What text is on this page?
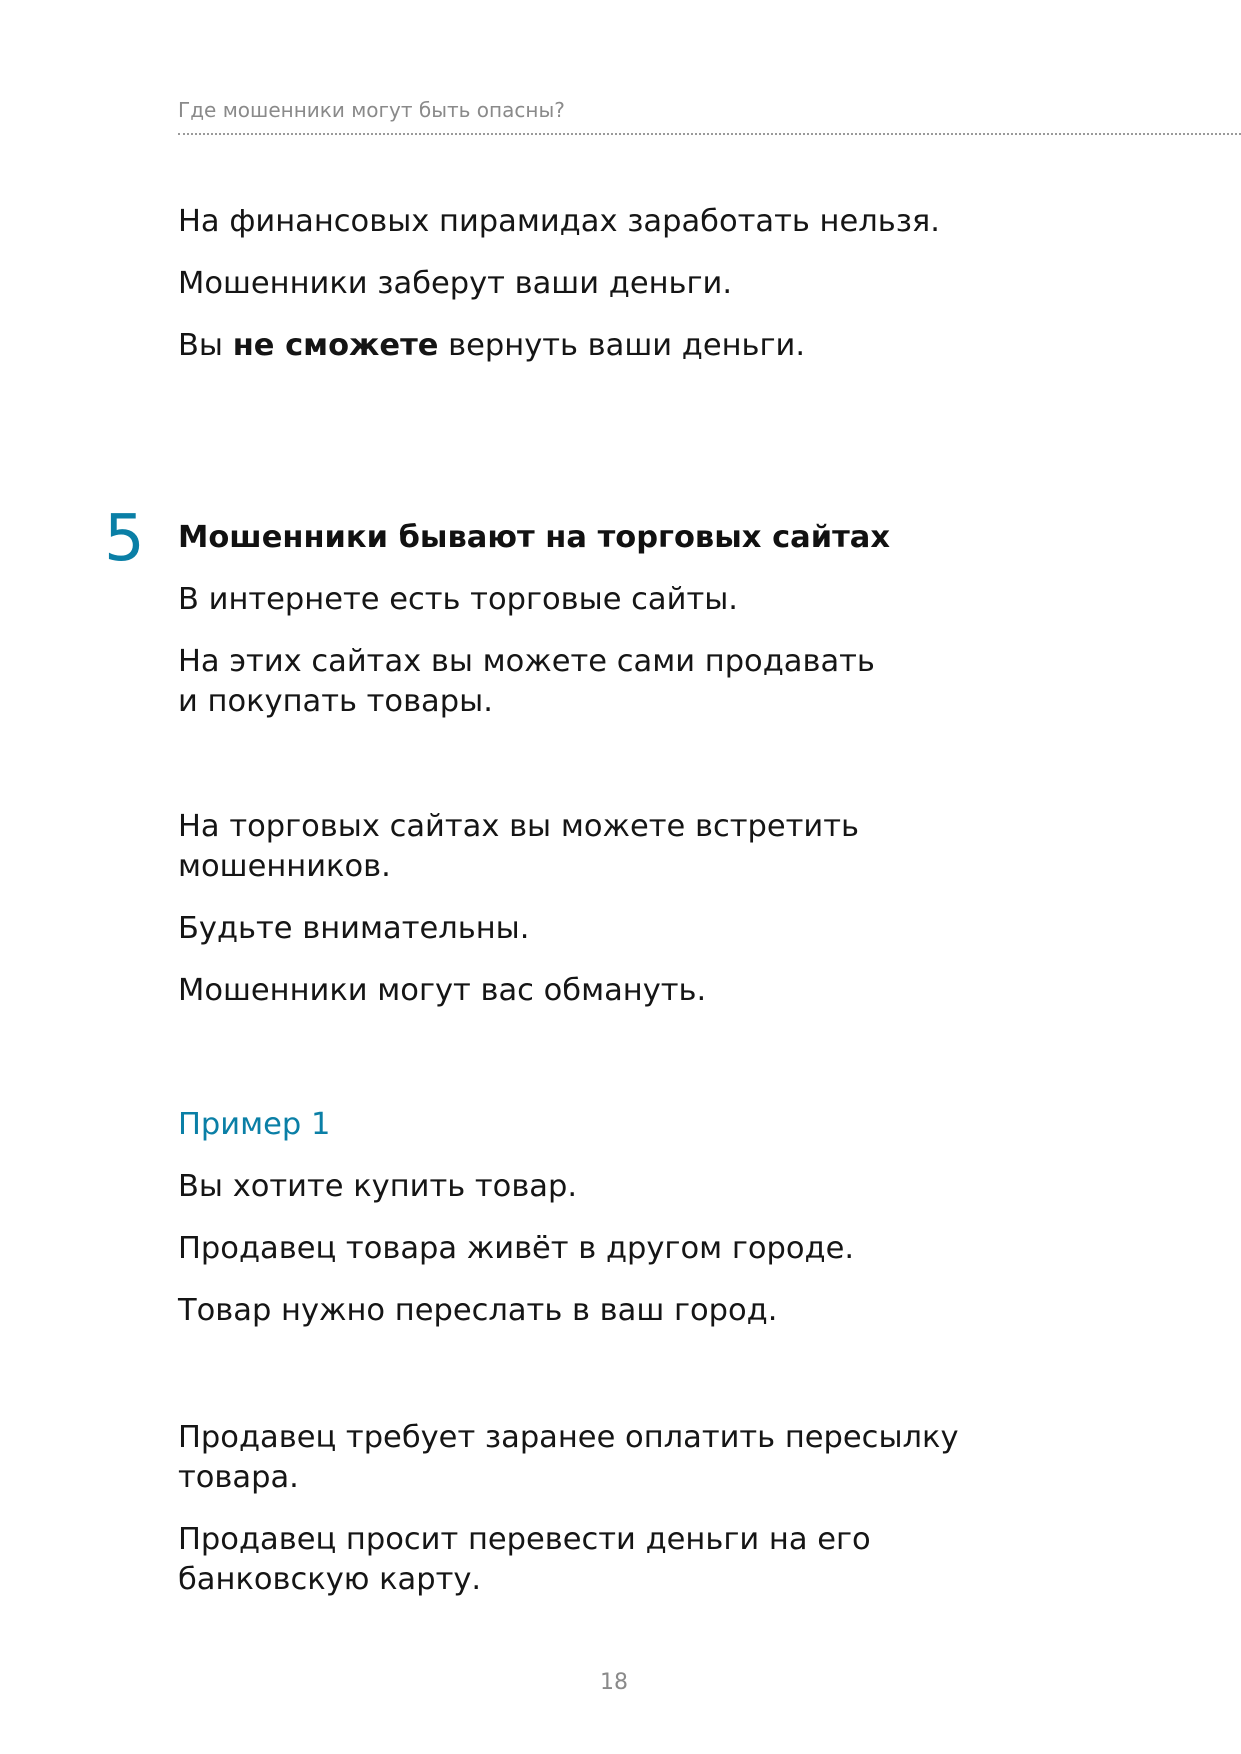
Где мошенники могут быть опасны?
На финансовых пирамидах заработать нельзя.
Мошенники заберут ваши деньги.
Вы не сможете вернуть ваши деньги.
5 Мошенники бывают на торговых сайтах
В интернете есть торговые сайты.
На этих сайтах вы можете сами продавать
и покупать товары.
На торговых сайтах вы можете встретить
мошенников.
Будьте внимательны.
Мошенники могут вас обмануть.
Пример 1
Вы хотите купить товар.
Продавец товара живёт в другом городе.
Товар нужно переслать в ваш город.
Продавец требует заранее оплатить пересылку
товара.
Продавец просит перевести деньги на его
банковскую карту.
18
